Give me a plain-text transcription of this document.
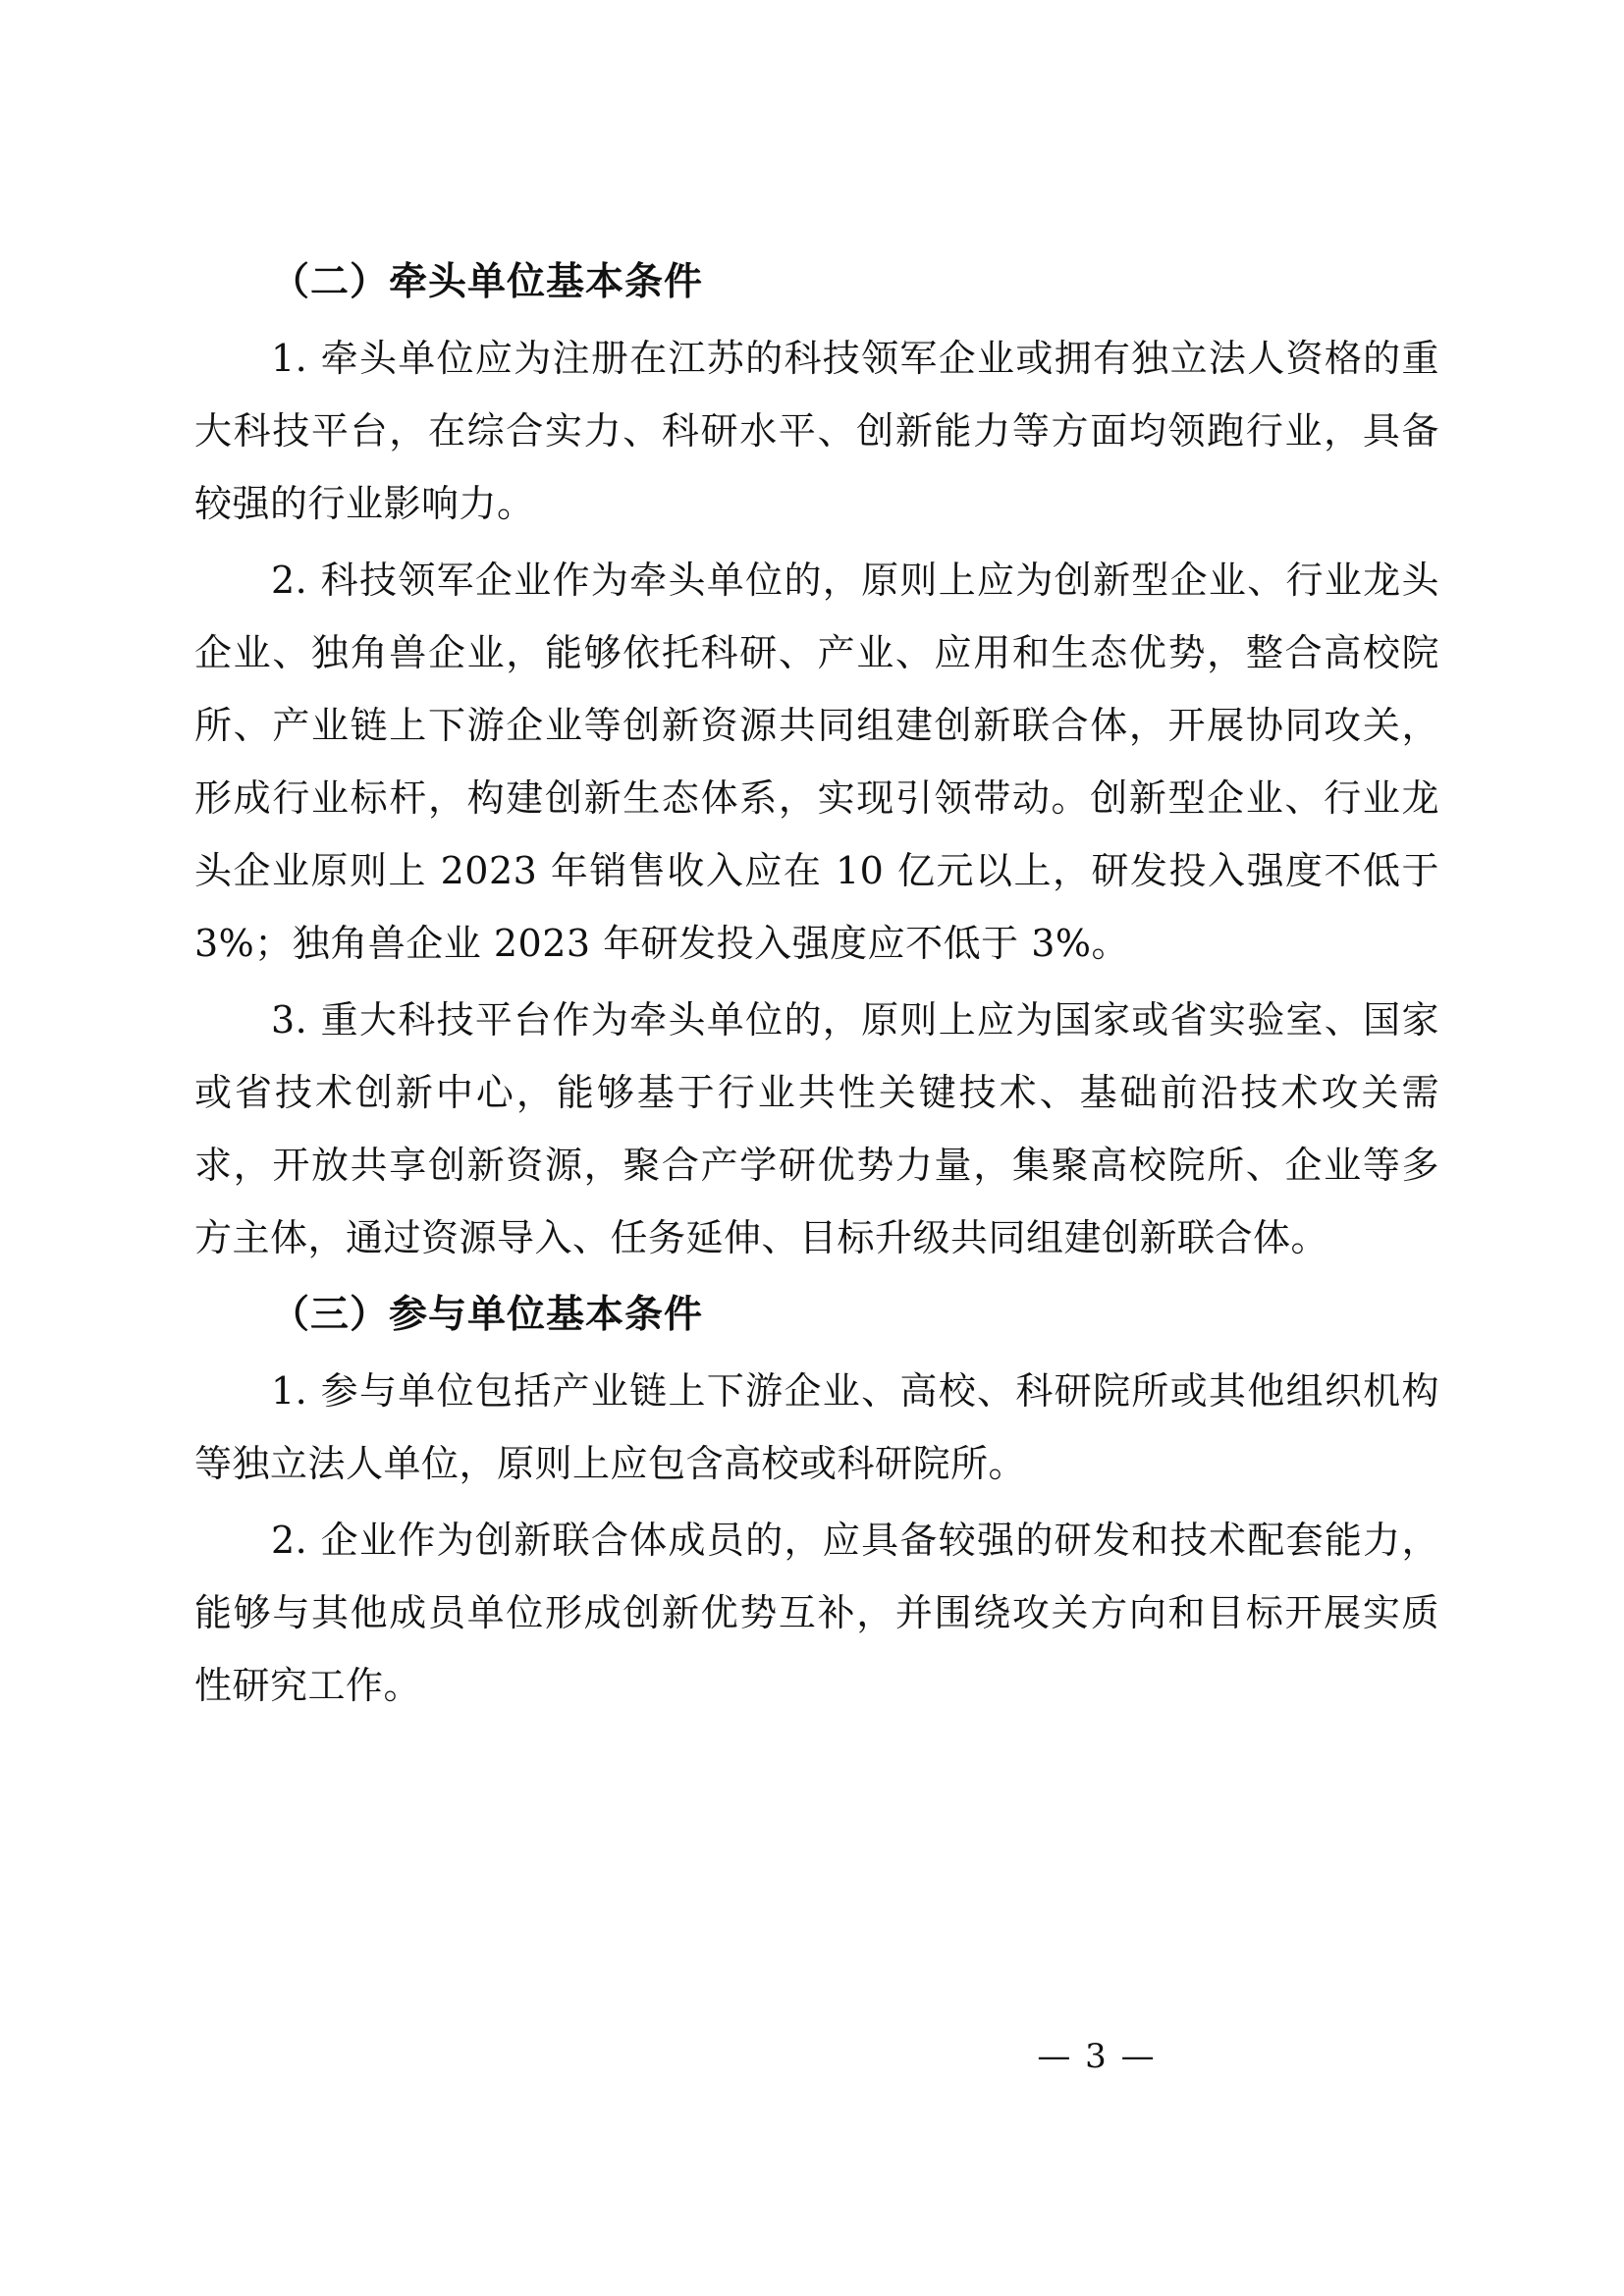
（二）牵头单位基本条件

1. 牵头单位应为注册在江苏的科技领军企业或拥有独立法人资格的重大科技平台，在综合实力、科研水平、创新能力等方面均领跑行业，具备较强的行业影响力。

2. 科技领军企业作为牵头单位的，原则上应为创新型企业、行业龙头企业、独角兽企业，能够依托科研、产业、应用和生态优势，整合高校院所、产业链上下游企业等创新资源共同组建创新联合体，开展协同攻关，形成行业标杆，构建创新生态体系，实现引领带动。创新型企业、行业龙头企业原则上 2023 年销售收入应在 10 亿元以上，研发投入强度不低于 3%；独角兽企业 2023 年研发投入强度应不低于 3%。

3. 重大科技平台作为牵头单位的，原则上应为国家或省实验室、国家或省技术创新中心，能够基于行业共性关键技术、基础前沿技术攻关需求，开放共享创新资源，聚合产学研优势力量，集聚高校院所、企业等多方主体，通过资源导入、任务延伸、目标升级共同组建创新联合体。

（三）参与单位基本条件

1. 参与单位包括产业链上下游企业、高校、科研院所或其他组织机构等独立法人单位，原则上应包含高校或科研院所。

2. 企业作为创新联合体成员的，应具备较强的研发和技术配套能力，能够与其他成员单位形成创新优势互补，并围绕攻关方向和目标开展实质性研究工作。

— 3 —
